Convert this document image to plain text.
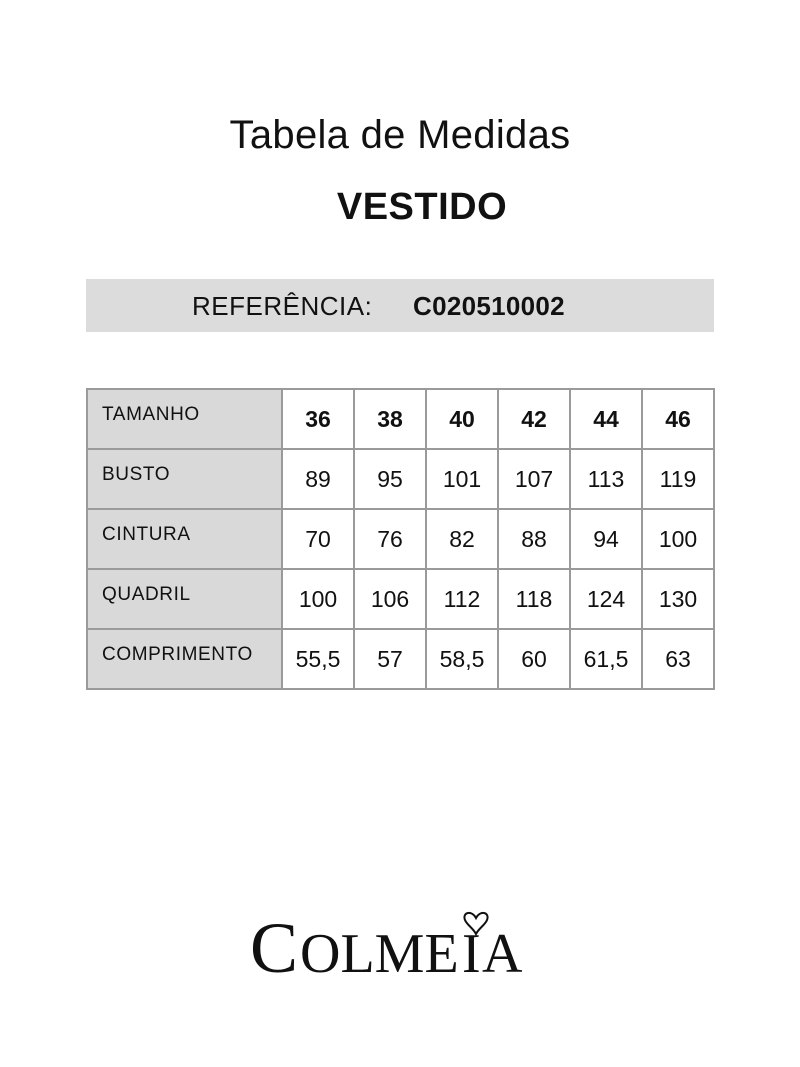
Tabela de Medidas
VESTIDO
REFERÊNCIA: C020510002
TAMANHO	36	38	40	42	44	46
BUSTO	89	95	101	107	113	119
CINTURA	70	76	82	88	94	100
QUADRIL	100	106	112	118	124	130
COMPRIMENTO	55,5	57	58,5	60	61,5	63
C OLME I A
